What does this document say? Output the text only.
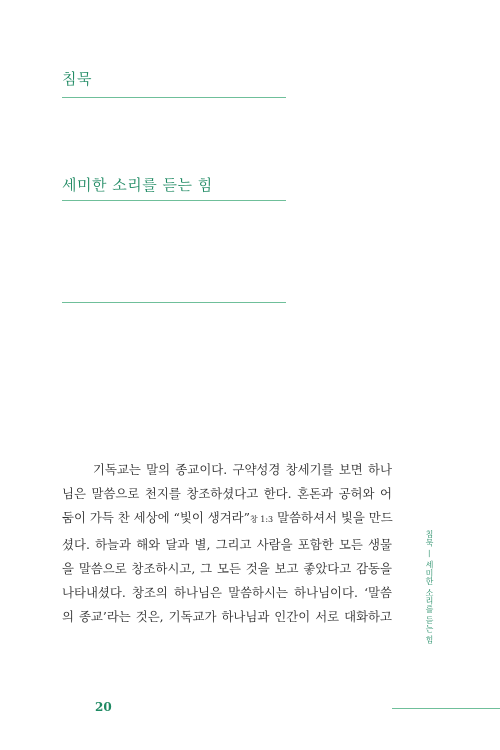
침묵
세미한 소리를 듣는 힘
기독교는 말의 종교이다. 구약성경 창세기를 보면 하나
님은 말씀으로 천지를 창조하셨다고 한다. 혼돈과 공허와 어
둠이 가득 찬 세상에 “빛이 생겨라”창 1:3 말씀하셔서 빛을 만드
셨다. 하늘과 해와 달과 별, 그리고 사람을 포함한 모든 생물
을 말씀으로 창조하시고, 그 모든 것을 보고 좋았다고 감동을
나타내셨다. 창조의 하나님은 말씀하시는 하나님이다. ‘말씀
의 종교’라는 것은, 기독교가 하나님과 인간이 서로 대화하고	침묵 — 세미한 소리를 듣는 힘
20
